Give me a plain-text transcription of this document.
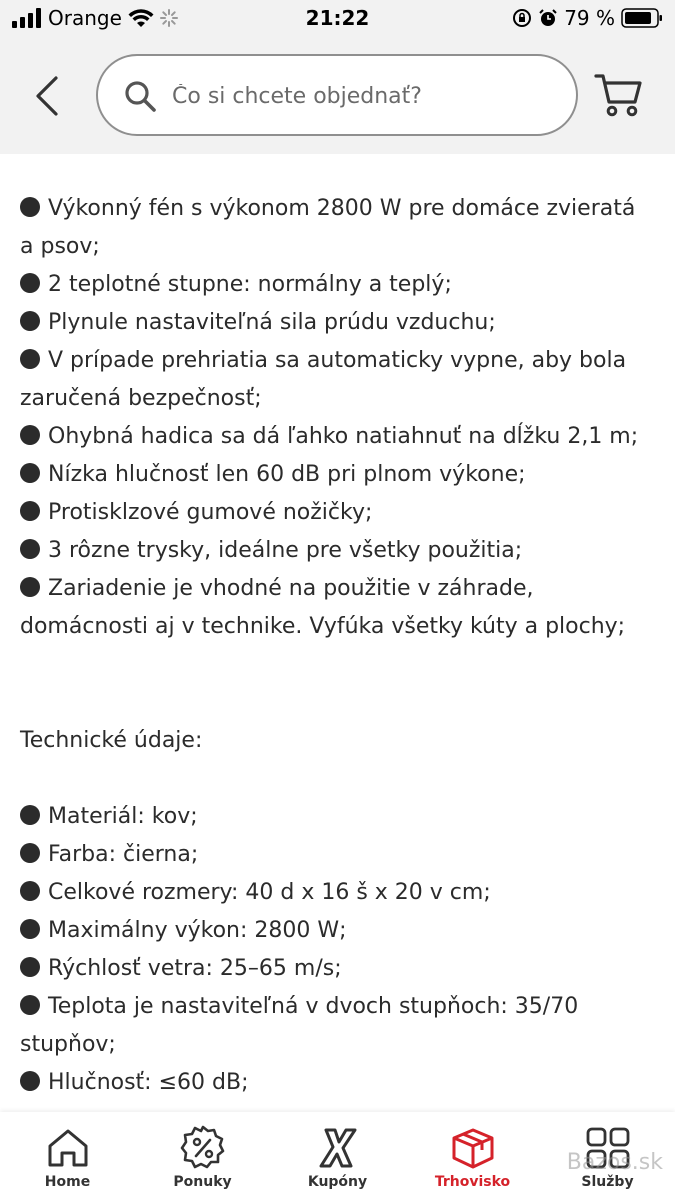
Orange	21:22	79 %
Čo si chcete objednať?
Výkonný fén s výkonom 2800 W pre domáce zvieratá a psov;
2 teplotné stupne: normálny a teplý;
Plynule nastaviteľná sila prúdu vzduchu;
V prípade prehriatia sa automaticky vypne, aby bola zaručená bezpečnosť;
Ohybná hadica sa dá ľahko natiahnuť na dĺžku 2,1 m;
Nízka hlučnosť len 60 dB pri plnom výkone;
Protisklzové gumové nožičky;
3 rôzne trysky, ideálne pre všetky použitia;
Zariadenie je vhodné na použitie v záhrade, domácnosti aj v technike. Vyfúka všetky kúty a plochy;
Technické údaje:
Materiál: kov;
Farba: čierna;
Celkové rozmery: 40 d x 16 š x 20 v cm;
Maximálny výkon: 2800 W;
Rýchlosť vetra: 25–65 m/s;
Teplota je nastaviteľná v dvoch stupňoch: 35/70 stupňov;
Hlučnosť: ≤60 dB;
Home	Ponuky	Kupóny	Trhovisko	Služby
Bazos.sk
